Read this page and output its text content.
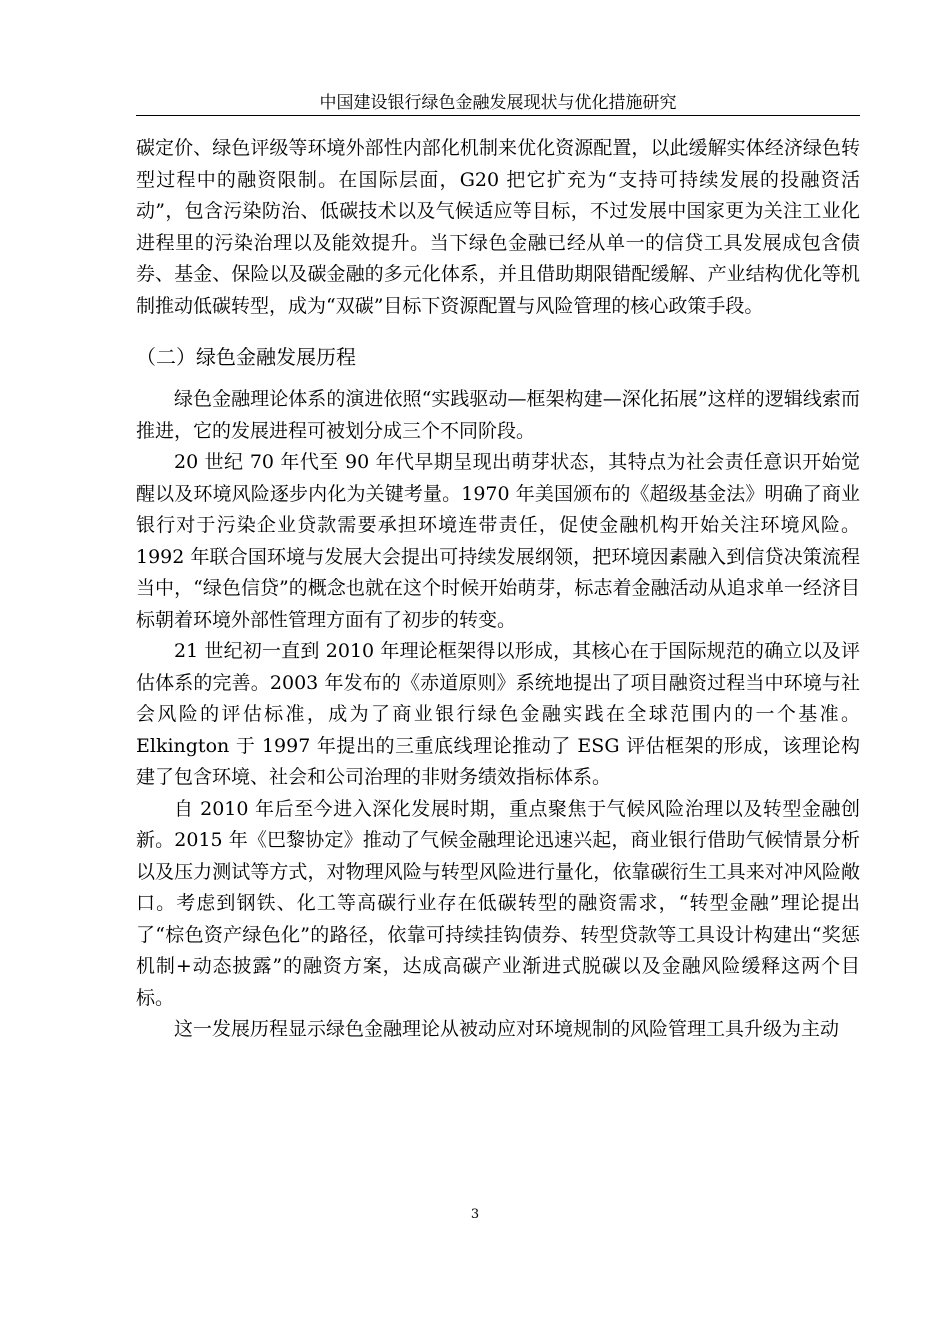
中国建设银行绿色金融发展现状与优化措施研究

碳定价、绿色评级等环境外部性内部化机制来优化资源配置，以此缓解实体经济绿色转型过程中的融资限制。在国际层面，G20 把它扩充为“支持可持续发展的投融资活动”，包含污染防治、低碳技术以及气候适应等目标，不过发展中国家更为关注工业化进程里的污染治理以及能效提升。当下绿色金融已经从单一的信贷工具发展成包含债券、基金、保险以及碳金融的多元化体系，并且借助期限错配缓解、产业结构优化等机制推动低碳转型，成为“双碳”目标下资源配置与风险管理的核心政策手段。

（二）绿色金融发展历程

绿色金融理论体系的演进依照“实践驱动—框架构建—深化拓展”这样的逻辑线索而推进，它的发展进程可被划分成三个不同阶段。

20 世纪 70 年代至 90 年代早期呈现出萌芽状态，其特点为社会责任意识开始觉醒以及环境风险逐步内化为关键考量。1970 年美国颁布的《超级基金法》明确了商业银行对于污染企业贷款需要承担环境连带责任，促使金融机构开始关注环境风险。1992 年联合国环境与发展大会提出可持续发展纲领，把环境因素融入到信贷决策流程当中，“绿色信贷”的概念也就在这个时候开始萌芽，标志着金融活动从追求单一经济目标朝着环境外部性管理方面有了初步的转变。

21 世纪初一直到 2010 年理论框架得以形成，其核心在于国际规范的确立以及评估体系的完善。2003 年发布的《赤道原则》系统地提出了项目融资过程当中环境与社会风险的评估标准，成为了商业银行绿色金融实践在全球范围内的一个基准。Elkington 于 1997 年提出的三重底线理论推动了 ESG 评估框架的形成，该理论构建了包含环境、社会和公司治理的非财务绩效指标体系。

自 2010 年后至今进入深化发展时期，重点聚焦于气候风险治理以及转型金融创新。2015 年《巴黎协定》推动了气候金融理论迅速兴起，商业银行借助气候情景分析以及压力测试等方式，对物理风险与转型风险进行量化，依靠碳衍生工具来对冲风险敞口。考虑到钢铁、化工等高碳行业存在低碳转型的融资需求，“转型金融”理论提出了“棕色资产绿色化”的路径，依靠可持续挂钩债券、转型贷款等工具设计构建出“奖惩机制+动态披露”的融资方案，达成高碳产业渐进式脱碳以及金融风险缓释这两个目标。

这一发展历程显示绿色金融理论从被动应对环境规制的风险管理工具升级为主动

3
